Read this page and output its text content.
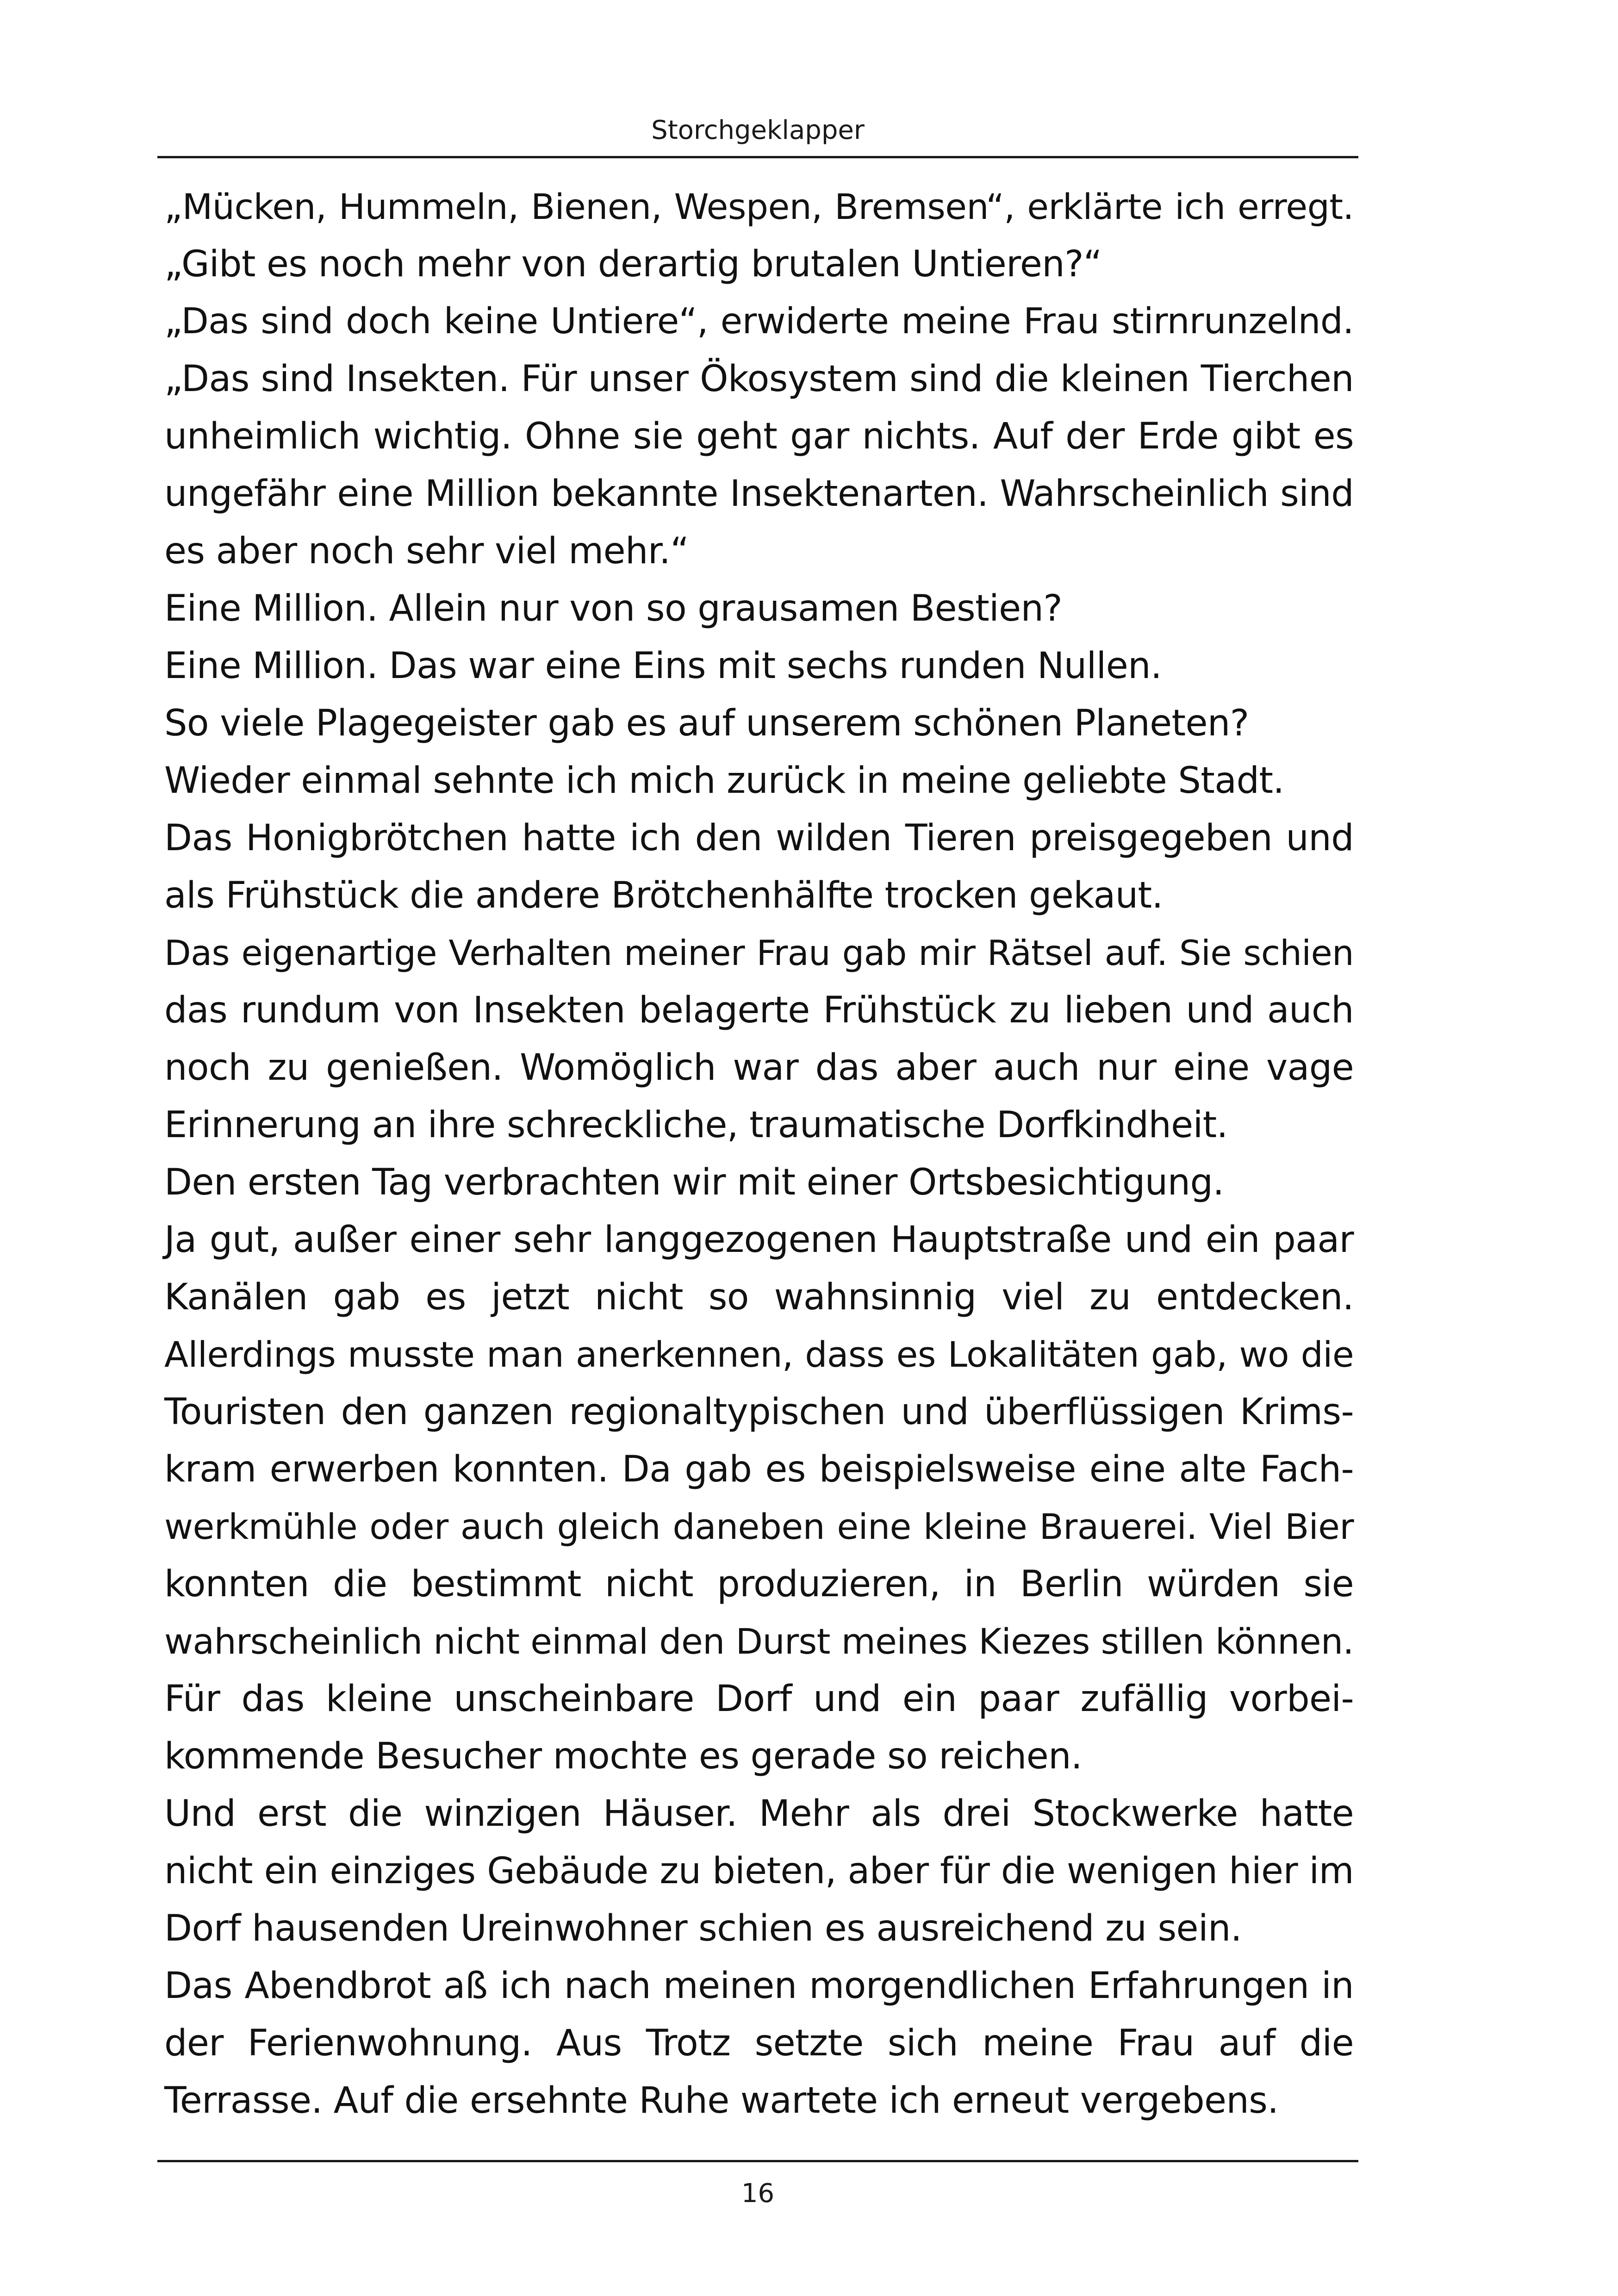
Storchgeklapper
„Mücken, Hummeln, Bienen, Wespen, Bremsen“, erklärte ich erregt.
„Gibt es noch mehr von derartig brutalen Untieren?“
„Das sind doch keine Untiere“, erwiderte meine Frau stirnrunzelnd.
„Das sind Insekten. Für unser Ökosystem sind die kleinen Tierchen
unheimlich wichtig. Ohne sie geht gar nichts. Auf der Erde gibt es
ungefähr eine Million bekannte Insektenarten. Wahrscheinlich sind
es aber noch sehr viel mehr.“
Eine Million. Allein nur von so grausamen Bestien?
Eine Million. Das war eine Eins mit sechs runden Nullen.
So viele Plagegeister gab es auf unserem schönen Planeten?
Wieder einmal sehnte ich mich zurück in meine geliebte Stadt.
Das Honigbrötchen hatte ich den wilden Tieren preisgegeben und
als Frühstück die andere Brötchenhälfte trocken gekaut.
Das eigenartige Verhalten meiner Frau gab mir Rätsel auf. Sie schien
das rundum von Insekten belagerte Frühstück zu lieben und auch
noch zu genießen. Womöglich war das aber auch nur eine vage
Erinnerung an ihre schreckliche, traumatische Dorfkindheit.
Den ersten Tag verbrachten wir mit einer Ortsbesichtigung.
Ja gut, außer einer sehr langgezogenen Hauptstraße und ein paar
Kanälen gab es jetzt nicht so wahnsinnig viel zu entdecken.
Allerdings musste man anerkennen, dass es Lokalitäten gab, wo die
Touristen den ganzen regionaltypischen und überflüssigen Krims-
kram erwerben konnten. Da gab es beispielsweise eine alte Fach-
werkmühle oder auch gleich daneben eine kleine Brauerei. Viel Bier
konnten die bestimmt nicht produzieren, in Berlin würden sie
wahrscheinlich nicht einmal den Durst meines Kiezes stillen können.
Für das kleine unscheinbare Dorf und ein paar zufällig vorbei-
kommende Besucher mochte es gerade so reichen.
Und erst die winzigen Häuser. Mehr als drei Stockwerke hatte
nicht ein einziges Gebäude zu bieten, aber für die wenigen hier im
Dorf hausenden Ureinwohner schien es ausreichend zu sein.
Das Abendbrot aß ich nach meinen morgendlichen Erfahrungen in
der Ferienwohnung. Aus Trotz setzte sich meine Frau auf die
Terrasse. Auf die ersehnte Ruhe wartete ich erneut vergebens.
16
